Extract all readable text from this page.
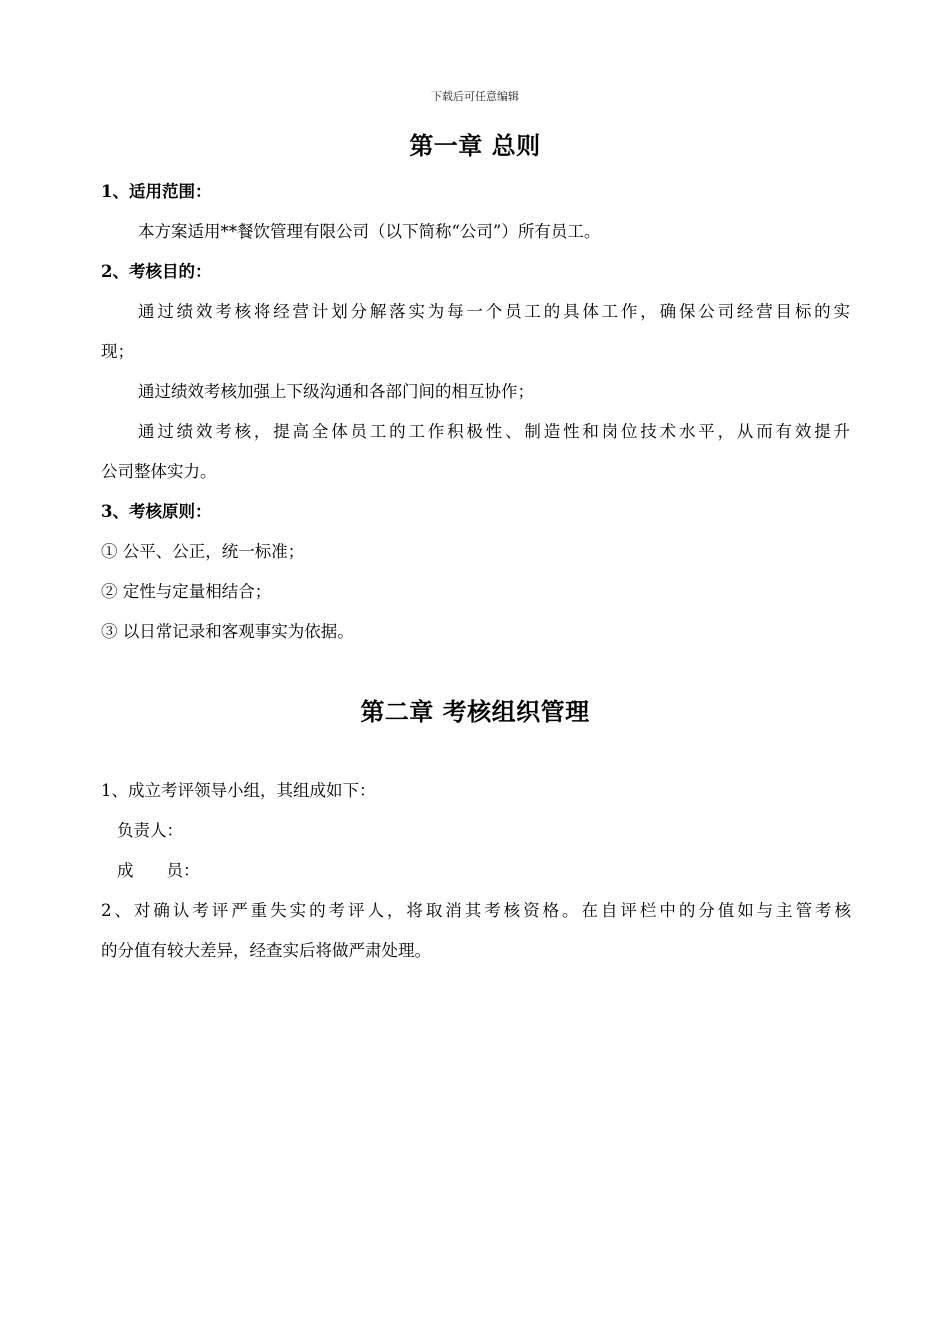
下载后可任意编辑
第一章 总则
1、适用范围：
本方案适用**餐饮管理有限公司（以下简称“公司”）所有员工。
2、考核目的：
通过绩效考核将经营计划分解落实为每一个员工的具体工作，确保公司经营目标的实
现；
通过绩效考核加强上下级沟通和各部门间的相互协作；
通过绩效考核，提高全体员工的工作积极性、制造性和岗位技术水平，从而有效提升
公司整体实力。
3、考核原则：
① 公平、公正，统一标准；
② 定性与定量相结合；
③ 以日常记录和客观事实为依据。
第二章 考核组织管理
1、成立考评领导小组，其组成如下：
负责人：
成　　员：
2、对确认考评严重失实的考评人，将取消其考核资格。在自评栏中的分值如与主管考核
的分值有较大差异，经查实后将做严肃处理。
